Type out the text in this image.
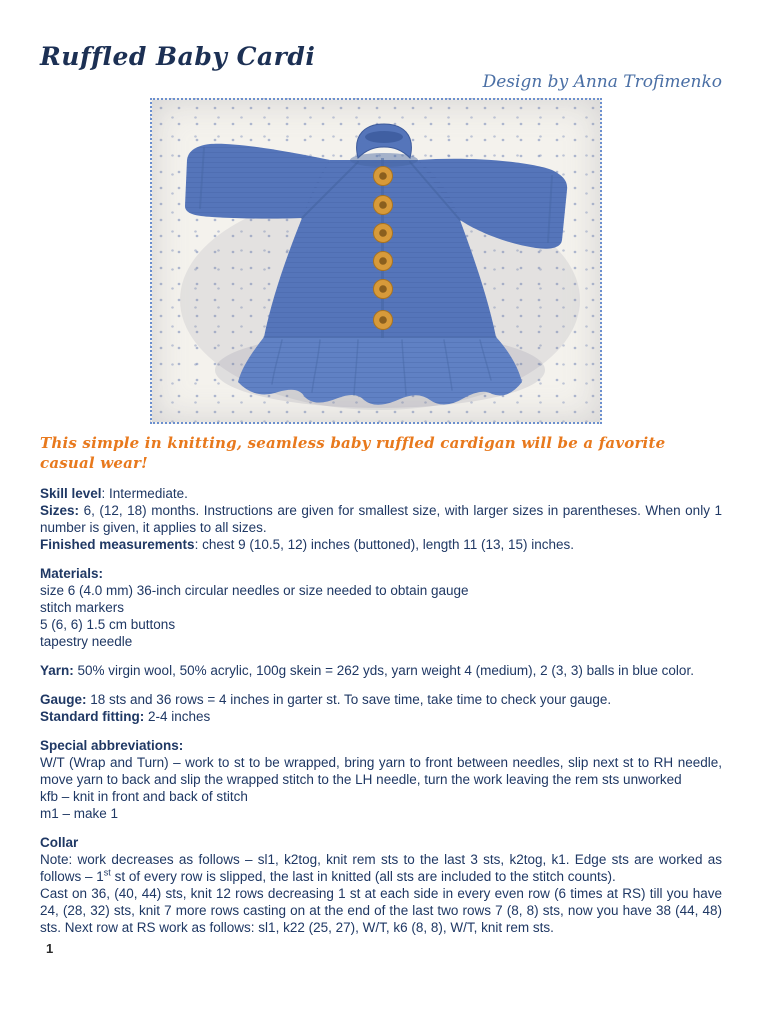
Ruffled Baby Cardi
Design by Anna Trofimenko
This simple in knitting, seamless baby ruffled cardigan will be a favorite casual wear!

Skill level: Intermediate.
Sizes: 6, (12, 18) months. Instructions are given for smallest size, with larger sizes in parentheses. When only 1 number is given, it applies to all sizes.
Finished measurements: chest 9 (10.5, 12) inches (buttoned), length 11 (13, 15) inches.

Materials:
size 6 (4.0 mm) 36-inch circular needles or size needed to obtain gauge
stitch markers
5 (6, 6) 1.5 cm buttons
tapestry needle

Yarn: 50% virgin wool, 50% acrylic, 100g skein = 262 yds, yarn weight 4 (medium), 2 (3, 3) balls in blue color.

Gauge: 18 sts and 36 rows = 4 inches in garter st. To save time, take time to check your gauge.
Standard fitting: 2-4 inches

Special abbreviations:
W/T (Wrap and Turn) – work to st to be wrapped, bring yarn to front between needles, slip next st to RH needle, move yarn to back and slip the wrapped stitch to the LH needle, turn the work leaving the rem sts unworked
kfb – knit in front and back of stitch
m1 – make 1

Collar
Note: work decreases as follows – sl1, k2tog, knit rem sts to the last 3 sts, k2tog, k1. Edge sts are worked as follows – 1st st of every row is slipped, the last in knitted (all sts are included to the stitch counts).
Cast on 36, (40, 44) sts, knit 12 rows decreasing 1 st at each side in every even row (6 times at RS) till you have 24, (28, 32) sts, knit 7 more rows casting on at the end of the last two rows 7 (8, 8) sts, now you have 38 (44, 48) sts. Next row at RS work as follows: sl1, k22 (25, 27), W/T, k6 (8, 8), W/T, knit rem sts.

1
